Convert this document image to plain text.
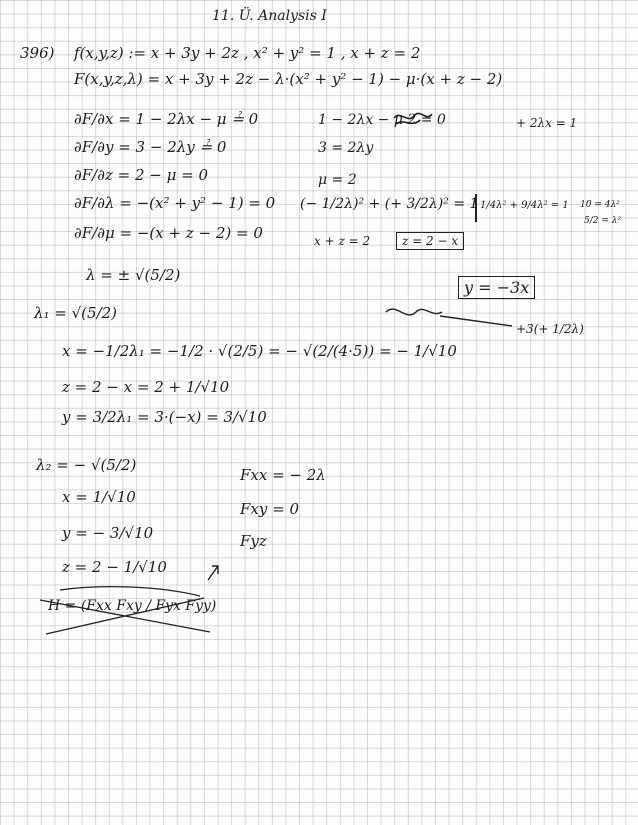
11. Ü. Analysis I
396) f(x,y,z) := x + 3y + 2z , x² + y² = 1 , x + z = 2
F(x,y,z,λ) = x + 3y + 2z − λ·(x² + y² − 1) − μ·(x + z − 2)
∂F/∂x = 1 − 2λx − μ ≟ 0
∂F/∂y = 3 − 2λy ≟ 0
∂F/∂z = 2 − μ = 0
∂F/∂λ = −(x² + y² − 1) = 0
∂F/∂μ = −(x + z − 2) = 0
1 − 2λx − μ 2 = 0	+ 2λx = 1
3 = 2λy
μ = 2
(− 1/2λ)² + (+ 3/2λ)² = 1 1/4λ² + 9/4λ² = 1 10 = 4λ²
5/2 = λ²
x + z = 2	z = 2 − x
λ = ± √(5/2)
y = −3x
+3(+ 1/2λ)
λ₁ = √(5/2)
x = −1/2λ₁ = −1/2 · √(2/5) = − √(2/(4·5)) = − 1/√10
z = 2 − x = 2 + 1/√10
y = 3/2λ₁ = 3·(−x) = 3/√10
λ₂ = − √(5/2)
x = 1/√10
y = − 3/√10
z = 2 − 1/√10
Fxx = − 2λ
Fxy = 0
Fyz
H = (Fxx Fxy / Fyx Fyy)
